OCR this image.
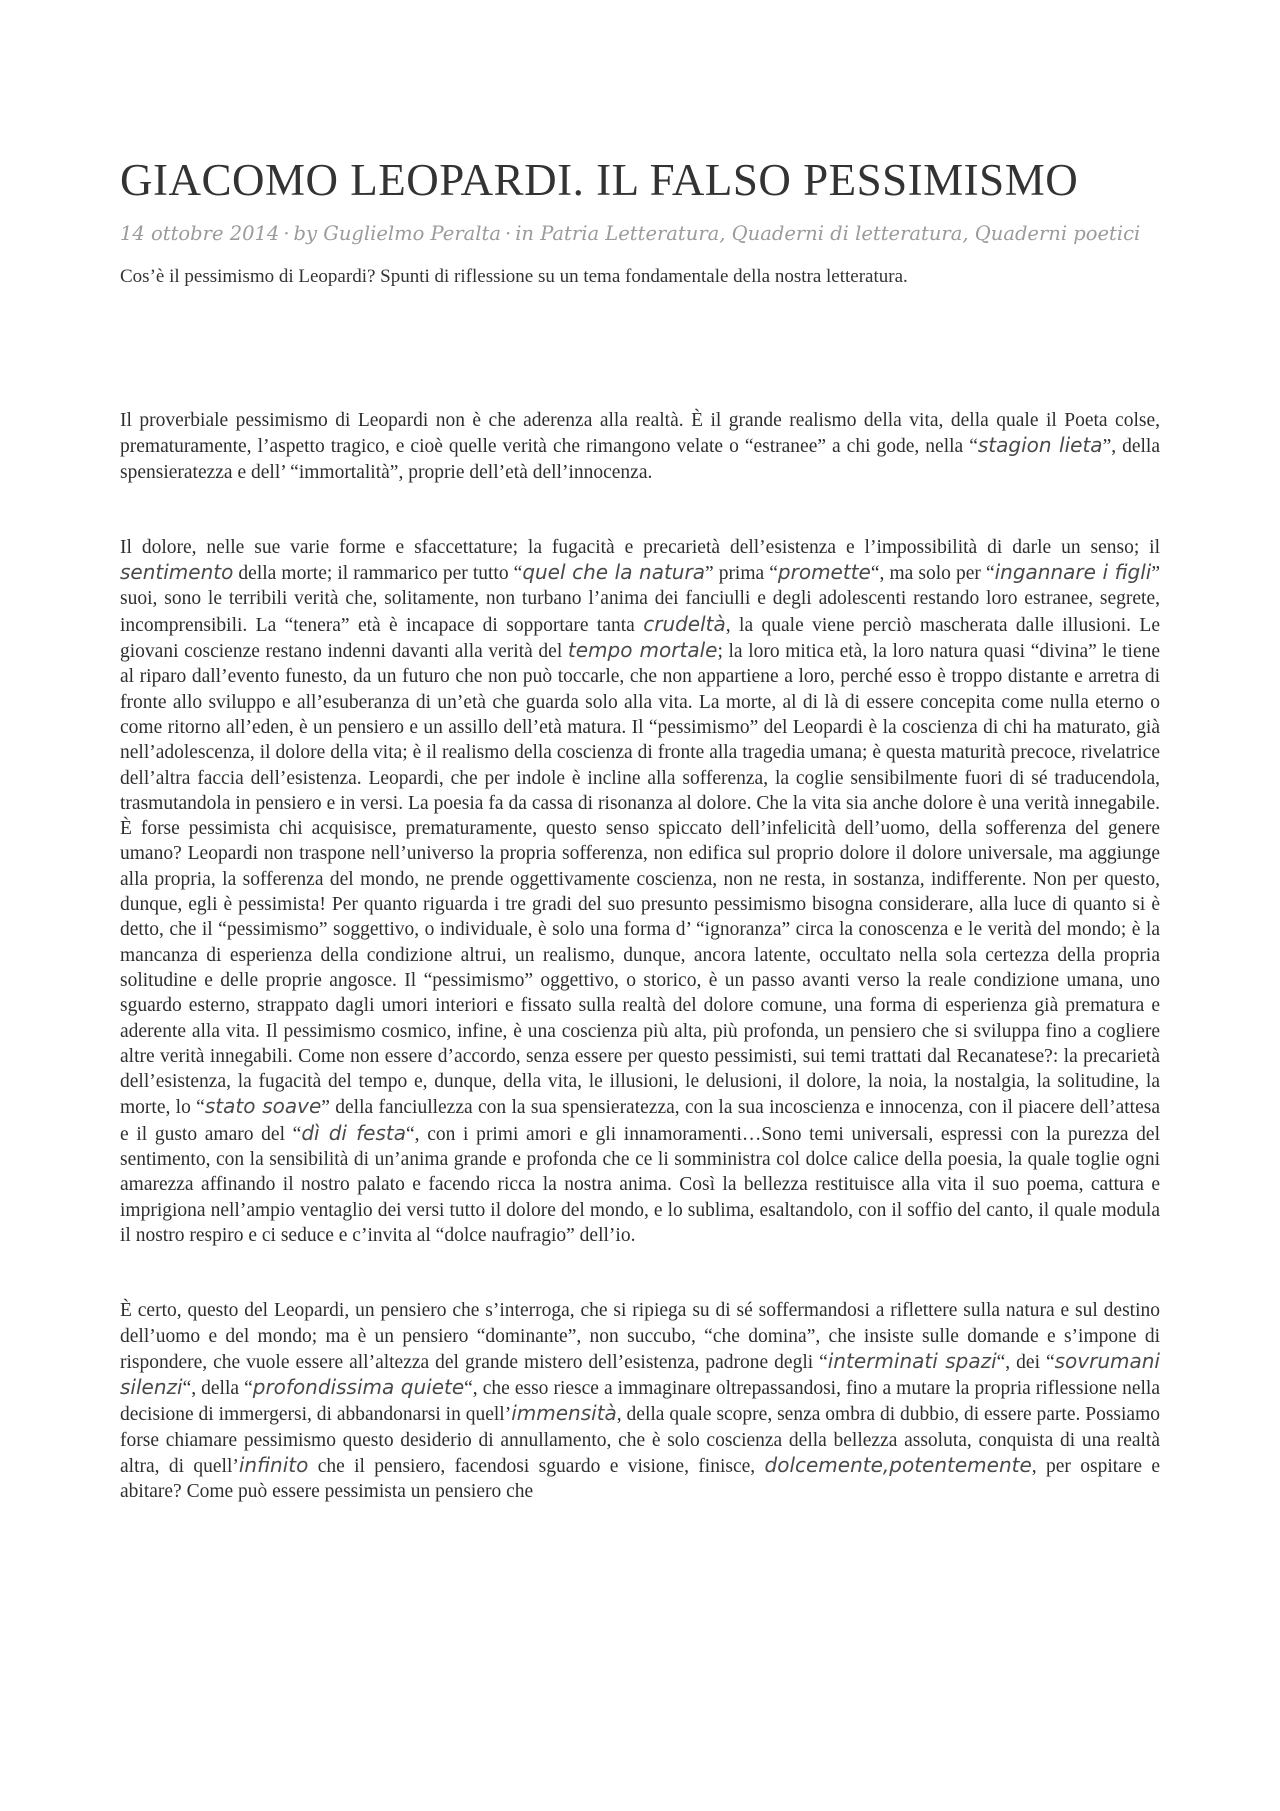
GIACOMO LEOPARDI. IL FALSO PESSIMISMO
14 ottobre 2014 · by Guglielmo Peralta · in Patria Letteratura, Quaderni di letteratura, Quaderni poetici
Cos’è il pessimismo di Leopardi? Spunti di riflessione su un tema fondamentale della nostra letteratura.

Il proverbiale pessimismo di Leopardi non è che aderenza alla realtà. È il grande realismo della vita, della quale il Poeta colse, prematuramente, l’aspetto tragico, e cioè quelle verità che rimangono velate o “estranee” a chi gode, nella “stagion lieta”, della spensieratezza e dell’ “immortalità”, proprie dell’età dell’innocenza.

Il dolore, nelle sue varie forme e sfaccettature; la fugacità e precarietà dell’esistenza e l’impossibilità di darle un senso; il sentimento della morte; il rammarico per tutto “quel che la natura” prima “promette“, ma solo per “ingannare i figli” suoi, sono le terribili verità che, solitamente, non turbano l’anima dei fanciulli e degli adolescenti restando loro estranee, segrete, incomprensibili. La “tenera” età è incapace di sopportare tanta crudeltà, la quale viene perciò mascherata dalle illusioni. Le giovani coscienze restano indenni davanti alla verità del tempo mortale; la loro mitica età, la loro natura quasi “divina” le tiene al riparo dall’evento funesto, da un futuro che non può toccarle, che non appartiene a loro, perché esso è troppo distante e arretra di fronte allo sviluppo e all’esuberanza di un’età che guarda solo alla vita. La morte, al di là di essere concepita come nulla eterno o come ritorno all’eden, è un pensiero e un assillo dell’età matura. Il “pessimismo” del Leopardi è la coscienza di chi ha maturato, già nell’adolescenza, il dolore della vita; è il realismo della coscienza di fronte alla tragedia umana; è questa maturità precoce, rivelatrice dell’altra faccia dell’esistenza. Leopardi, che per indole è incline alla sofferenza, la coglie sensibilmente fuori di sé traducendola, trasmutandola in pensiero e in versi. La poesia fa da cassa di risonanza al dolore. Che la vita sia anche dolore è una verità innegabile. È forse pessimista chi acquisisce, prematuramente, questo senso spiccato dell’infelicità dell’uomo, della sofferenza del genere umano? Leopardi non traspone nell’universo la propria sofferenza, non edifica sul proprio dolore il dolore universale, ma aggiunge alla propria, la sofferenza del mondo, ne prende oggettivamente coscienza, non ne resta, in sostanza, indifferente. Non per questo, dunque, egli è pessimista! Per quanto riguarda i tre gradi del suo presunto pessimismo bisogna considerare, alla luce di quanto si è detto, che il “pessimismo” soggettivo, o individuale, è solo una forma d’ “ignoranza” circa la conoscenza e le verità del mondo; è la mancanza di esperienza della condizione altrui, un realismo, dunque, ancora latente, occultato nella sola certezza della propria solitudine e delle proprie angosce. Il “pessimismo” oggettivo, o storico, è un passo avanti verso la reale condizione umana, uno sguardo esterno, strappato dagli umori interiori e fissato sulla realtà del dolore comune, una forma di esperienza già prematura e aderente alla vita. Il pessimismo cosmico, infine, è una coscienza più alta, più profonda, un pensiero che si sviluppa fino a cogliere altre verità innegabili. Come non essere d’accordo, senza essere per questo pessimisti, sui temi trattati dal Recanatese?: la precarietà dell’esistenza, la fugacità del tempo e, dunque, della vita, le illusioni, le delusioni, il dolore, la noia, la nostalgia, la solitudine, la morte, lo “stato soave” della fanciullezza con la sua spensieratezza, con la sua incoscienza e innocenza, con il piacere dell’attesa e il gusto amaro del “dì di festa“, con i primi amori e gli innamoramenti…Sono temi universali, espressi con la purezza del sentimento, con la sensibilità di un’anima grande e profonda che ce li somministra col dolce calice della poesia, la quale toglie ogni amarezza affinando il nostro palato e facendo ricca la nostra anima. Così la bellezza restituisce alla vita il suo poema, cattura e imprigiona nell’ampio ventaglio dei versi tutto il dolore del mondo, e lo sublima, esaltandolo, con il soffio del canto, il quale modula il nostro respiro e ci seduce e c’invita al “dolce naufragio” dell’io.

È certo, questo del Leopardi, un pensiero che s’interroga, che si ripiega su di sé soffermandosi a riflettere sulla natura e sul destino dell’uomo e del mondo; ma è un pensiero “dominante”, non succubo, “che domina”, che insiste sulle domande e s’impone di rispondere, che vuole essere all’altezza del grande mistero dell’esistenza, padrone degli “interminati spazi“, dei “sovrumani silenzi“, della “profondissima quiete“, che esso riesce a immaginare oltrepassandosi, fino a mutare la propria riflessione nella decisione di immergersi, di abbandonarsi in quell’immensità, della quale scopre, senza ombra di dubbio, di essere parte. Possiamo forse chiamare pessimismo questo desiderio di annullamento, che è solo coscienza della bellezza assoluta, conquista di una realtà altra, di quell’infinito che il pensiero, facendosi sguardo e visione, finisce, dolcemente,potentemente, per ospitare e abitare? Come può essere pessimista un pensiero che
